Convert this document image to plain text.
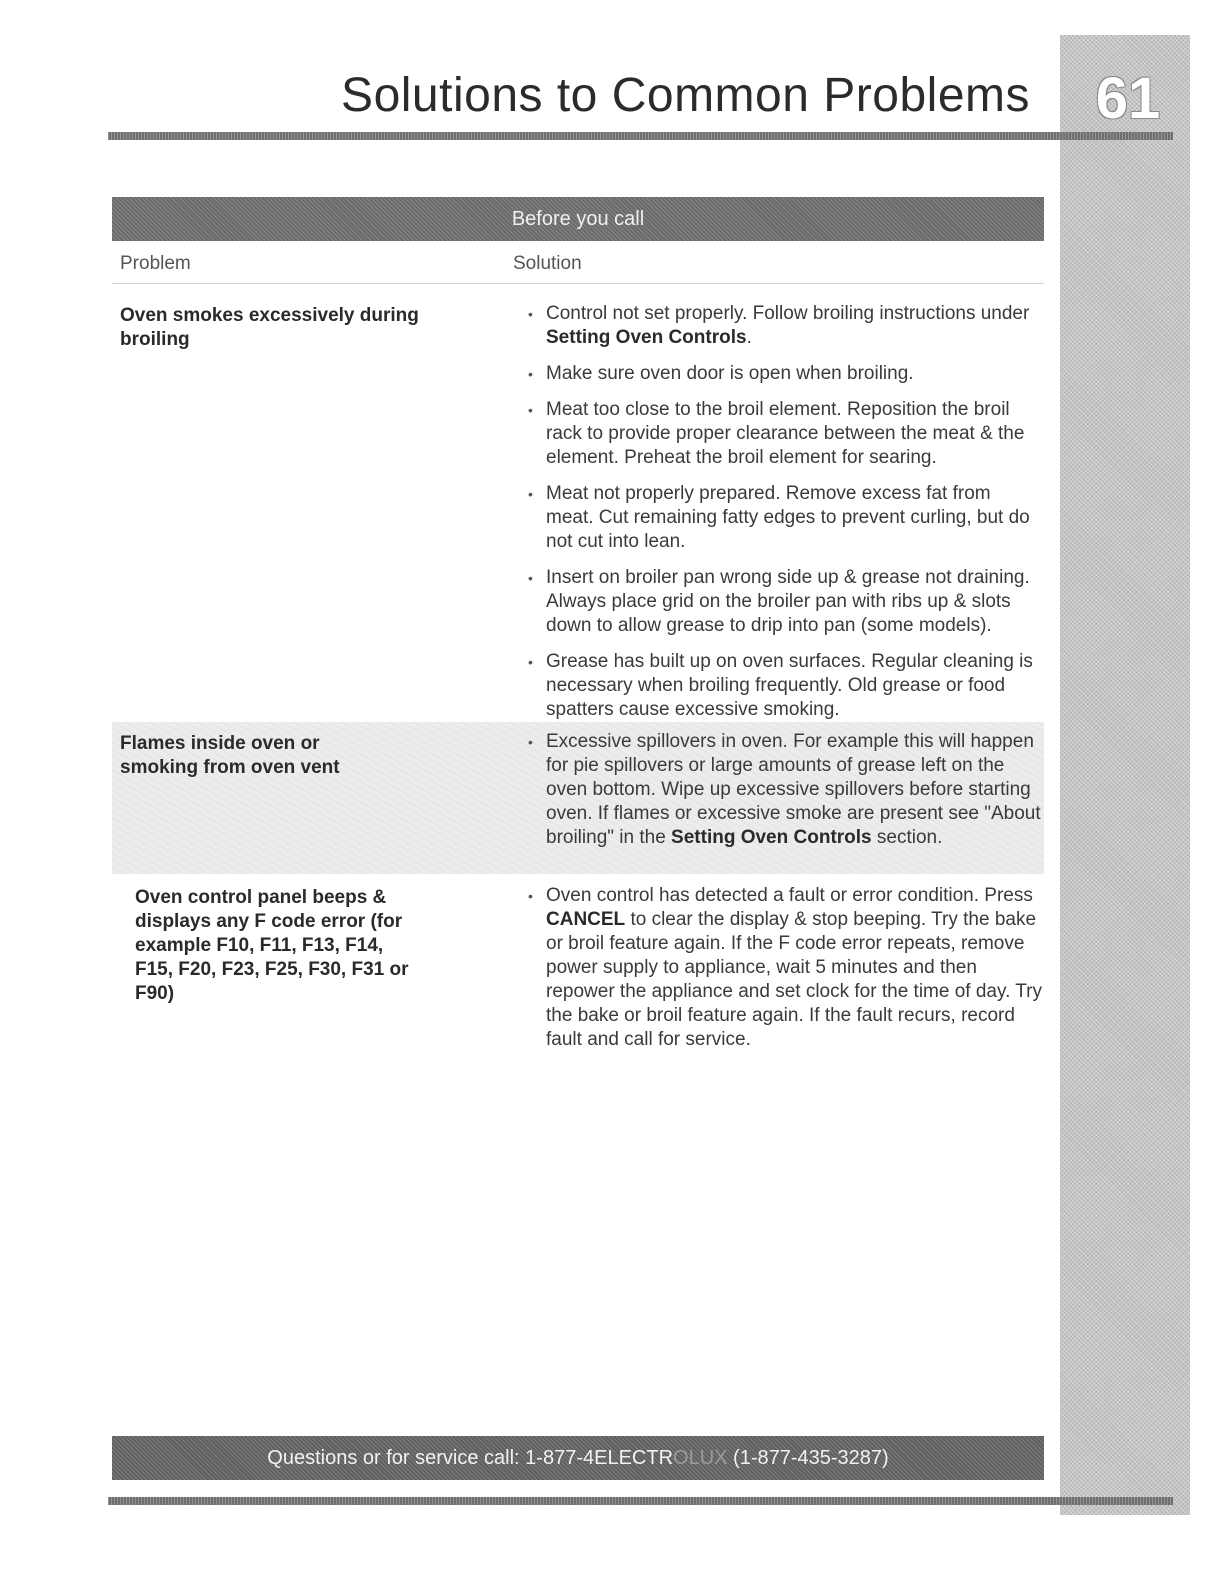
61
Solutions to Common Problems
Before you call
Problem	Solution
Oven smokes excessively during broiling
• Control not set properly. Follow broiling instructions under Setting Oven Controls.
• Make sure oven door is open when broiling.
• Meat too close to the broil element. Reposition the broil rack to provide proper clearance between the meat & the element. Preheat the broil element for searing.
• Meat not properly prepared. Remove excess fat from meat. Cut remaining fatty edges to prevent curling, but do not cut into lean.
• Insert on broiler pan wrong side up & grease not draining. Always place grid on the broiler pan with ribs up & slots down to allow grease to drip into pan (some models).
• Grease has built up on oven surfaces. Regular cleaning is necessary when broiling frequently. Old grease or food spatters cause excessive smoking.
Flames inside oven or smoking from oven vent
• Excessive spillovers in oven. For example this will happen for pie spillovers or large amounts of grease left on the oven bottom. Wipe up excessive spillovers before starting oven. If flames or excessive smoke are present see "About broiling" in the Setting Oven Controls section.
Oven control panel beeps & displays any F code error (for example F10, F11, F13, F14, F15, F20, F23, F25, F30, F31 or F90)
• Oven control has detected a fault or error condition. Press CANCEL to clear the display & stop beeping. Try the bake or broil feature again. If the F code error repeats, remove power supply to appliance, wait 5 minutes and then repower the appliance and set clock for the time of day. Try the bake or broil feature again. If the fault recurs, record fault and call for service.
Questions or for service call: 1-877-4ELECTROLUX (1-877-435-3287)
